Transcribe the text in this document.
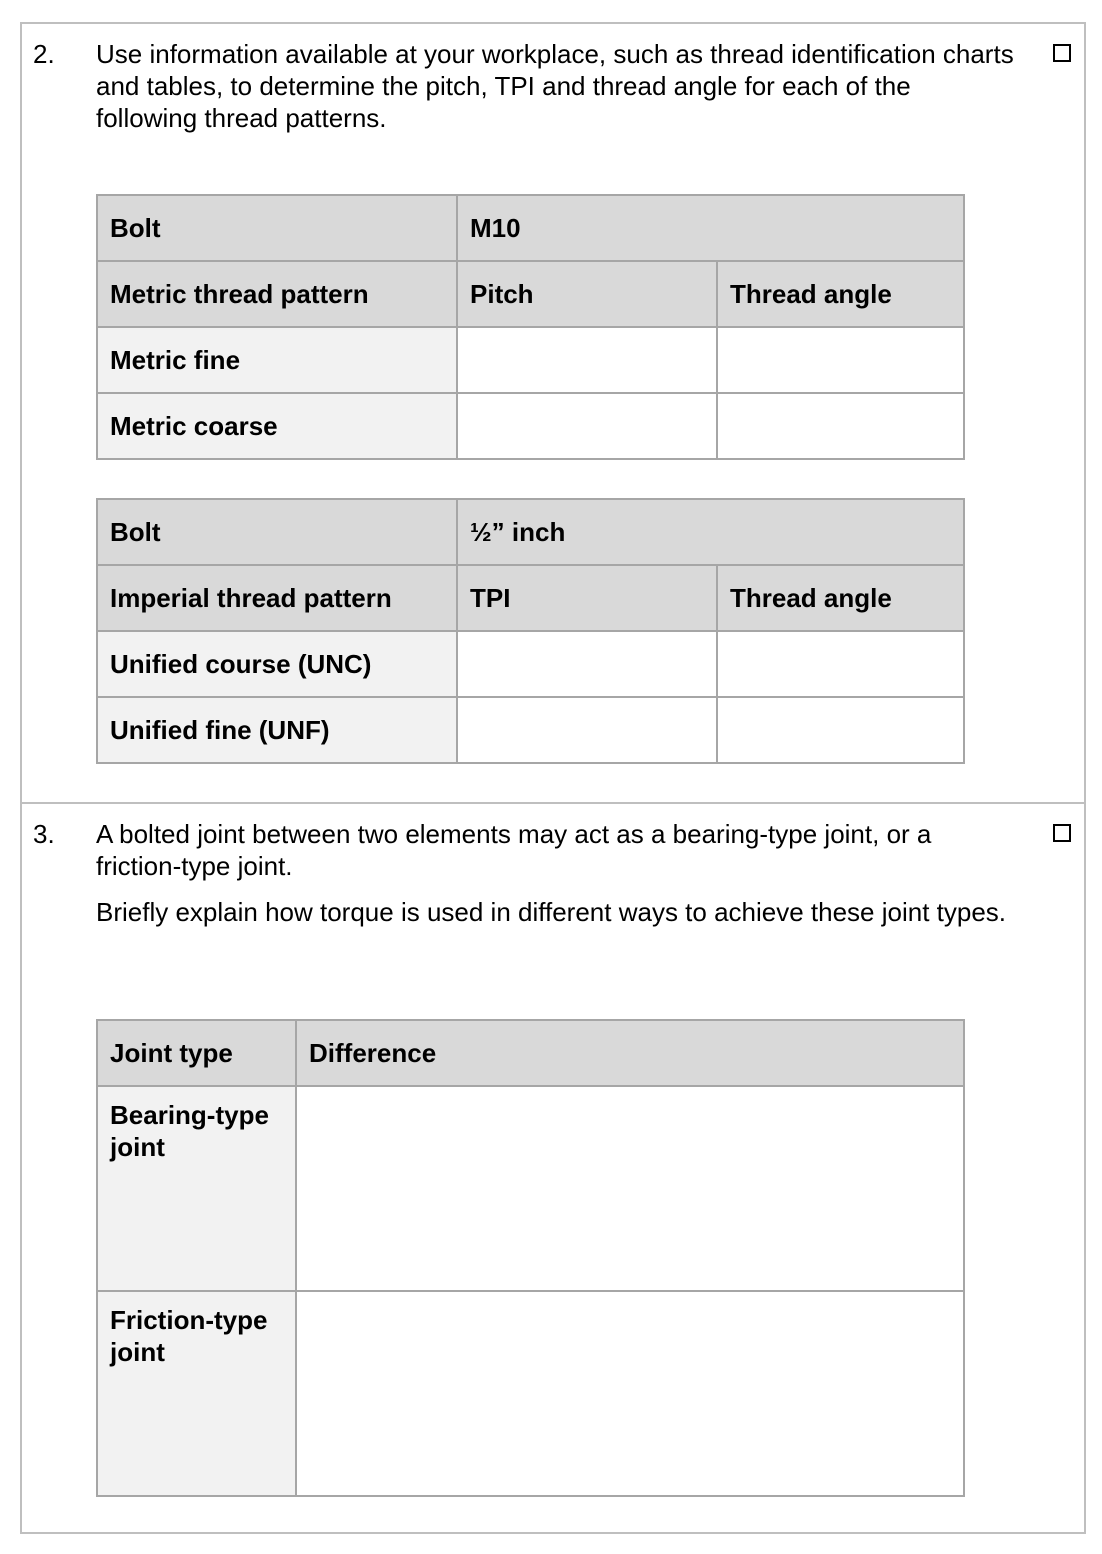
2. Use information available at your workplace, such as thread identification charts and tables, to determine the pitch, TPI and thread angle for each of the following thread patterns.

Bolt	M10	
Metric thread pattern	Pitch	Thread angle
Metric fine		
Metric coarse		
Bolt	½” inch	
Imperial thread pattern	TPI	Thread angle
Unified course (UNC)		
Unified fine (UNF)		
3. A bolted joint between two elements may act as a bearing-type joint, or a friction-type joint.

Briefly explain how torque is used in different ways to achieve these joint types.

Joint type	Difference
Bearing-type joint	
Friction-type joint	
